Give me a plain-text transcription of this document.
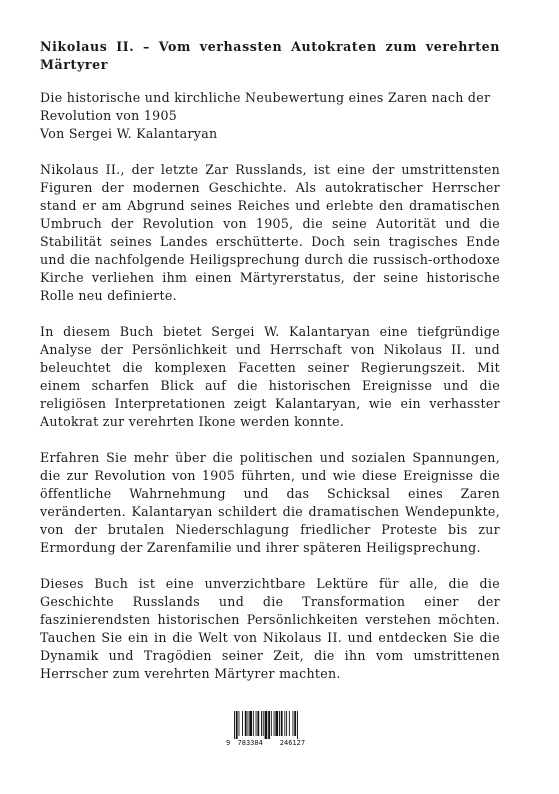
Nikolaus II. – Vom verhassten Autokraten zum verehrten Märtyrer
Die historische und kirchliche Neubewertung eines Zaren nach der Revolution von 1905
Von Sergei W. Kalantaryan

Nikolaus II., der letzte Zar Russlands, ist eine der umstrittensten Figuren der modernen Geschichte. Als autokratischer Herrscher stand er am Abgrund seines Reiches und erlebte den dramatischen Umbruch der Revolution von 1905, die seine Autorität und die Stabilität seines Landes erschütterte. Doch sein tragisches Ende und die nachfolgende Heiligsprechung durch die russisch-orthodoxe Kirche verliehen ihm einen Märtyrerstatus, der seine historische Rolle neu definierte.

In diesem Buch bietet Sergei W. Kalantaryan eine tiefgründige Analyse der Persönlichkeit und Herrschaft von Nikolaus II. und beleuchtet die komplexen Facetten seiner Regierungszeit. Mit einem scharfen Blick auf die historischen Ereignisse und die religiösen Interpretationen zeigt Kalantaryan, wie ein verhasster Autokrat zur verehrten Ikone werden konnte.

Erfahren Sie mehr über die politischen und sozialen Spannungen, die zur Revolution von 1905 führten, und wie diese Ereignisse die öffentliche Wahrnehmung und das Schicksal eines Zaren veränderten. Kalantaryan schildert die dramatischen Wendepunkte, von der brutalen Niederschlagung friedlicher Proteste bis zur Ermordung der Zarenfamilie und ihrer späteren Heiligsprechung.

Dieses Buch ist eine unverzichtbare Lektüre für alle, die die Geschichte Russlands und die Transformation einer der faszinierendsten historischen Persönlichkeiten verstehen möchten. Tauchen Sie ein in die Welt von Nikolaus II. und entdecken Sie die Dynamik und Tragödien seiner Zeit, die ihn vom umstrittenen Herrscher zum verehrten Märtyrer machten.

9	783384	246127
